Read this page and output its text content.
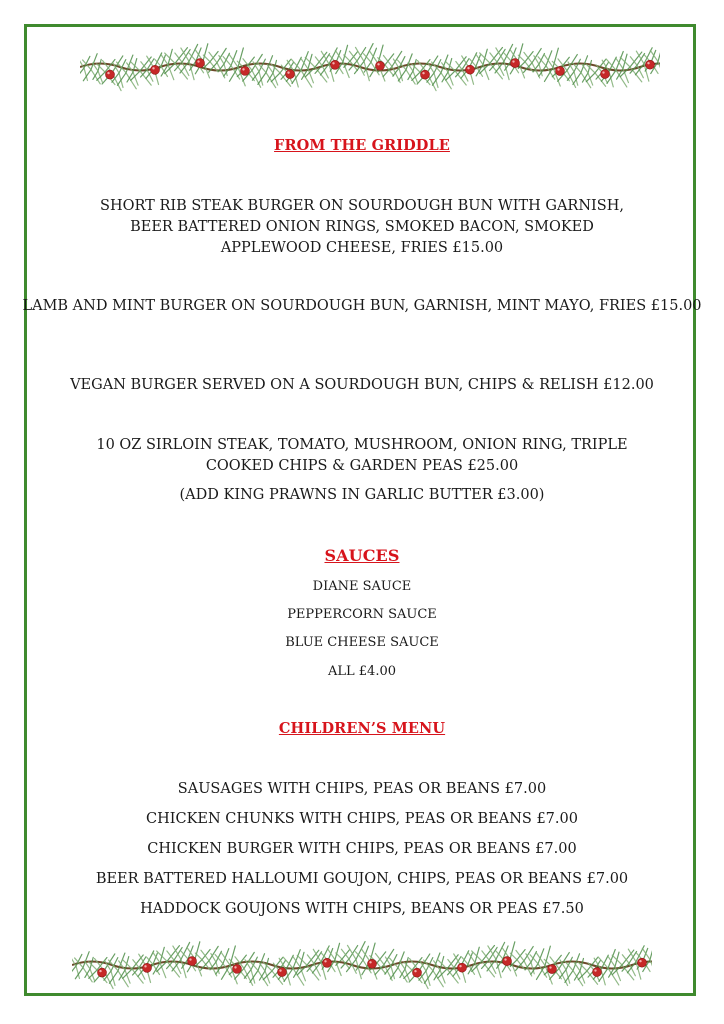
FROM THE GRIDDLE
SHORT RIB STEAK BURGER ON SOURDOUGH BUN WITH GARNISH, BEER BATTERED ONION RINGS, SMOKED BACON, SMOKED APPLEWOOD CHEESE, FRIES £15.00
LAMB AND MINT BURGER ON SOURDOUGH BUN, GARNISH, MINT MAYO, FRIES £15.00
VEGAN BURGER SERVED ON A SOURDOUGH BUN, CHIPS & RELISH £12.00
10 OZ SIRLOIN STEAK, TOMATO, MUSHROOM, ONION RING, TRIPLE COOKED CHIPS & GARDEN PEAS £25.00
(ADD KING PRAWNS IN GARLIC BUTTER £3.00)
SAUCES
DIANE SAUCE
PEPPERCORN SAUCE
BLUE CHEESE SAUCE
ALL £4.00
CHILDREN’S MENU
SAUSAGES WITH CHIPS, PEAS OR BEANS £7.00
CHICKEN CHUNKS WITH CHIPS, PEAS OR BEANS £7.00
CHICKEN BURGER WITH CHIPS, PEAS OR BEANS £7.00
BEER BATTERED HALLOUMI GOUJON, CHIPS, PEAS OR BEANS £7.00
HADDOCK GOUJONS WITH CHIPS, BEANS OR PEAS £7.50
